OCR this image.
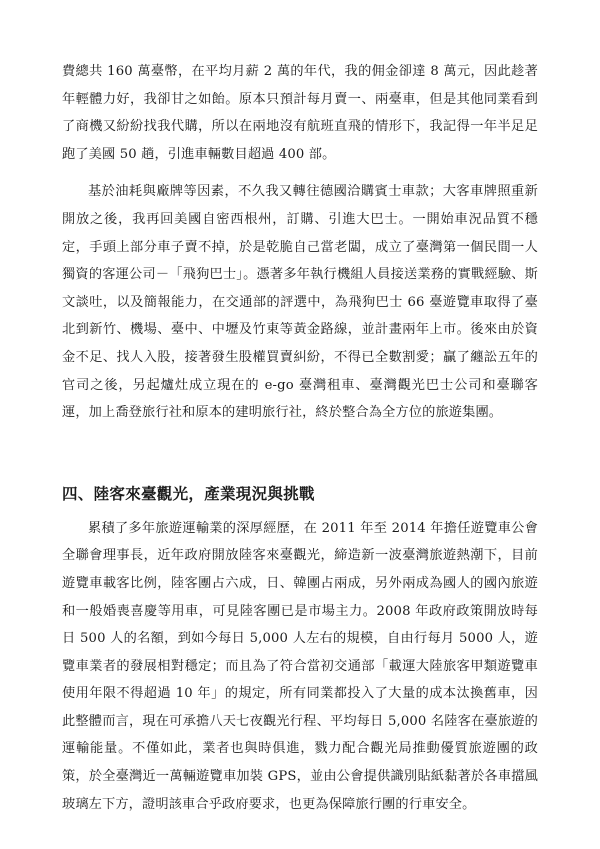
費總共 160 萬臺幣，在平均月薪 2 萬的年代，我的佣金卻達 8 萬元，因此趁著年輕體力好，我卻甘之如飴。原本只預計每月賣一、兩臺車，但是其他同業看到了商機又紛紛找我代購，所以在兩地沒有航班直飛的情形下，我記得一年半足足跑了美國 50 趟，引進車輛數目超過 400 部。

基於油耗與廠牌等因素，不久我又轉往德國洽購賓士車款；大客車牌照重新開放之後，我再回美國自密西根州，訂購、引進大巴士。一開始車況品質不穩定，手頭上部分車子賣不掉，於是乾脆自己當老闆，成立了臺灣第一個民間一人獨資的客運公司－「飛狗巴士」。憑著多年執行機組人員接送業務的實戰經驗、斯文談吐，以及簡報能力，在交通部的評選中，為飛狗巴士 66 臺遊覽車取得了臺北到新竹、機場、臺中、中壢及竹東等黃金路線，並計畫兩年上市。後來由於資金不足、找人入股，接著發生股權買賣糾紛，不得已全數割愛；贏了纏訟五年的官司之後，另起爐灶成立現在的 e-go 臺灣租車、臺灣觀光巴士公司和臺聯客運，加上喬登旅行社和原本的建明旅行社，終於整合為全方位的旅遊集團。

四、陸客來臺觀光，產業現況與挑戰

累積了多年旅遊運輸業的深厚經歷，在 2011 年至 2014 年擔任遊覽車公會全聯會理事長，近年政府開放陸客來臺觀光，締造新一波臺灣旅遊熱潮下，目前遊覽車載客比例，陸客團占六成，日、韓團占兩成，另外兩成為國人的國內旅遊和一般婚喪喜慶等用車，可見陸客團已是市場主力。2008 年政府政策開放時每日 500 人的名額，到如今每日 5,000 人左右的規模，自由行每月 5000 人，遊覽車業者的發展相對穩定；而且為了符合當初交通部「載運大陸旅客甲類遊覽車使用年限不得超過 10 年」的規定，所有同業都投入了大量的成本汰換舊車，因此整體而言，現在可承擔八天七夜觀光行程、平均每日 5,000 名陸客在臺旅遊的運輸能量。不僅如此，業者也與時俱進，戮力配合觀光局推動優質旅遊團的政策，於全臺灣近一萬輛遊覽車加裝 GPS，並由公會提供識別貼紙黏著於各車擋風玻璃左下方，證明該車合乎政府要求，也更為保障旅行團的行車安全。
